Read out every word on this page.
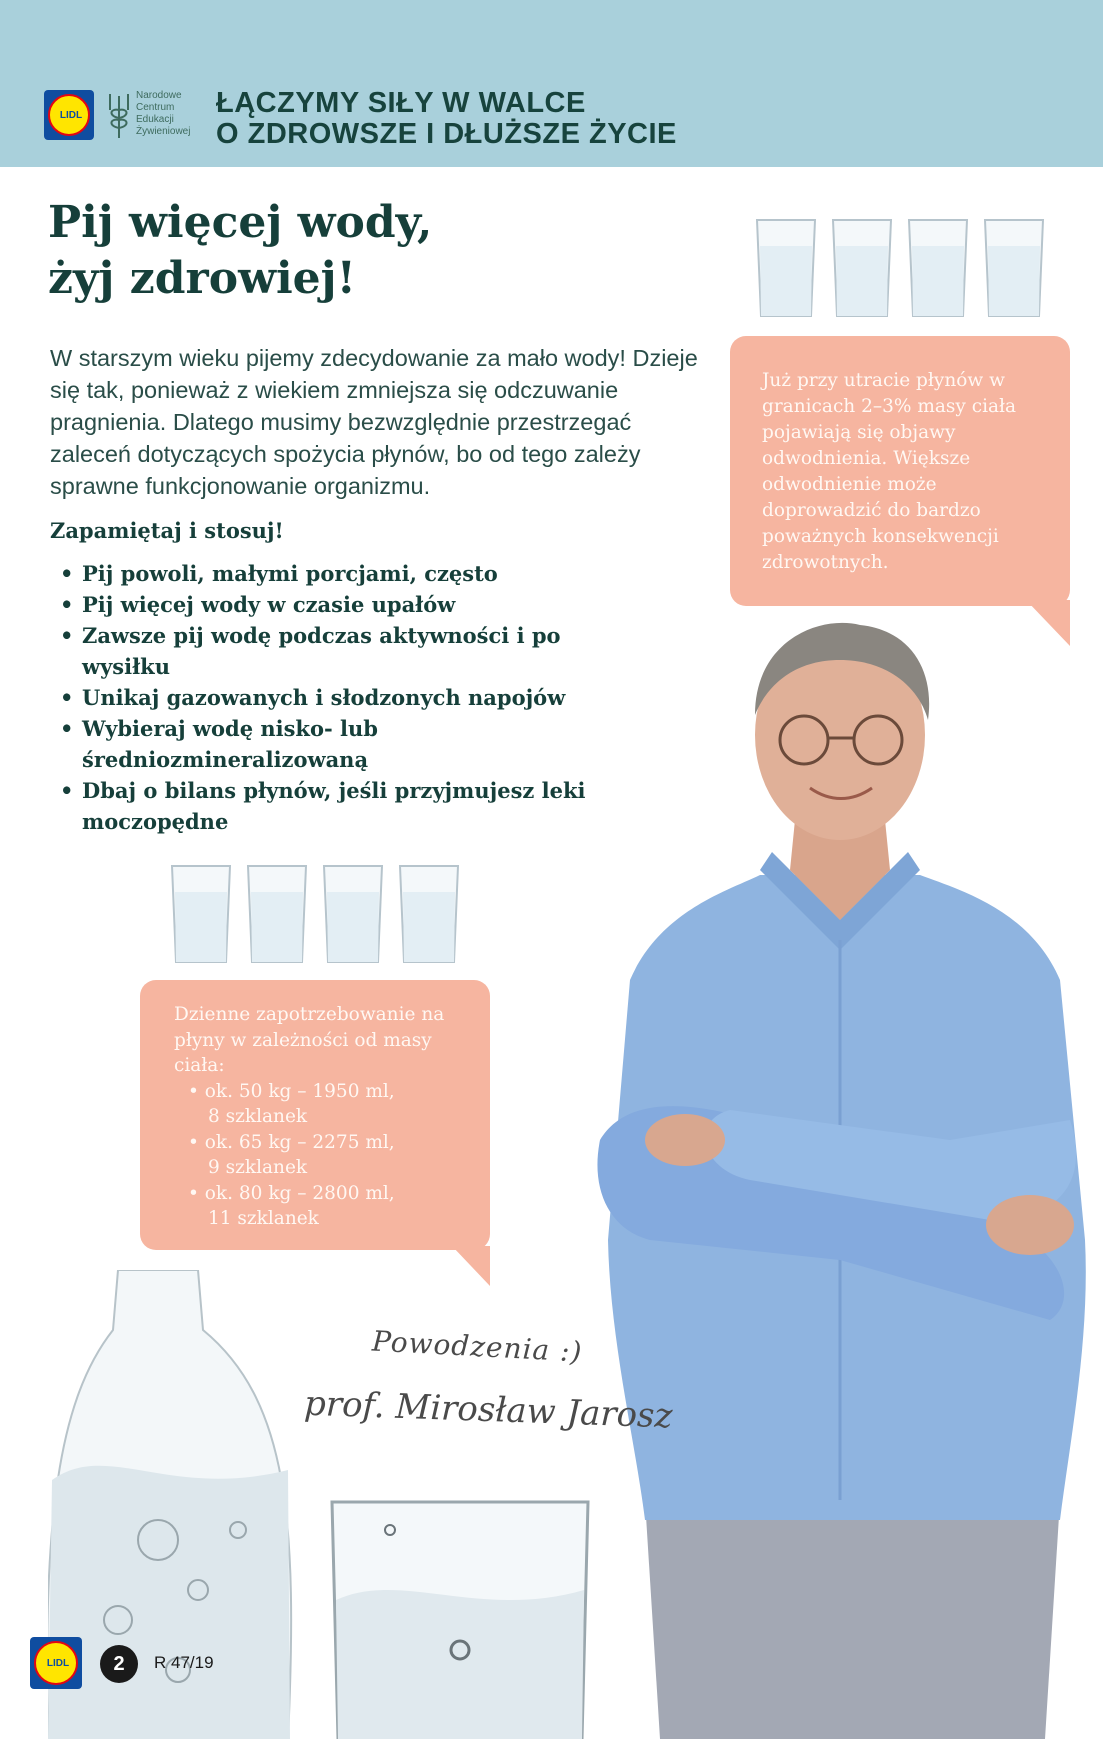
LIDL
Narodowe
Centrum
Edukacji
Żywieniowej
ŁĄCZYMY SIŁY W WALCE
O ZDROWSZE I DŁUŻSZE ŻYCIE
Pij więcej wody,
żyj zdrowiej!

W starszym wieku pijemy zdecydowanie za mało wody! Dzieje się tak, ponieważ z wiekiem zmniejsza się odczuwanie pragnienia. Dlatego musimy bezwzględnie przestrzegać zaleceń dotyczących spożycia płynów, bo od tego zależy sprawne funkcjonowanie organizmu.

Zapamiętaj i stosuj!
• Pij powoli, małymi porcjami, często
• Pij więcej wody w czasie upałów
• Zawsze pij wodę podczas aktywności i po wysiłku
• Unikaj gazowanych i słodzonych napojów
• Wybieraj wodę nisko- lub średniozmineralizowaną
• Dbaj o bilans płynów, jeśli przyjmujesz leki moczopędne
Już przy utracie płynów w granicach 2–3% masy ciała pojawiają się objawy odwodnienia. Większe odwodnienie może doprowadzić do bardzo poważnych konsekwencji zdrowotnych.
Dzienne zapotrzebowanie na płyny w zależności od masy ciała:
• ok. 50 kg – 1950 ml,
8 szklanek
• ok. 65 kg – 2275 ml,
9 szklanek
• ok. 80 kg – 2800 ml,
11 szklanek
Powodzenia :)
prof. Mirosław Jarosz
LIDL	2	R 47/19
